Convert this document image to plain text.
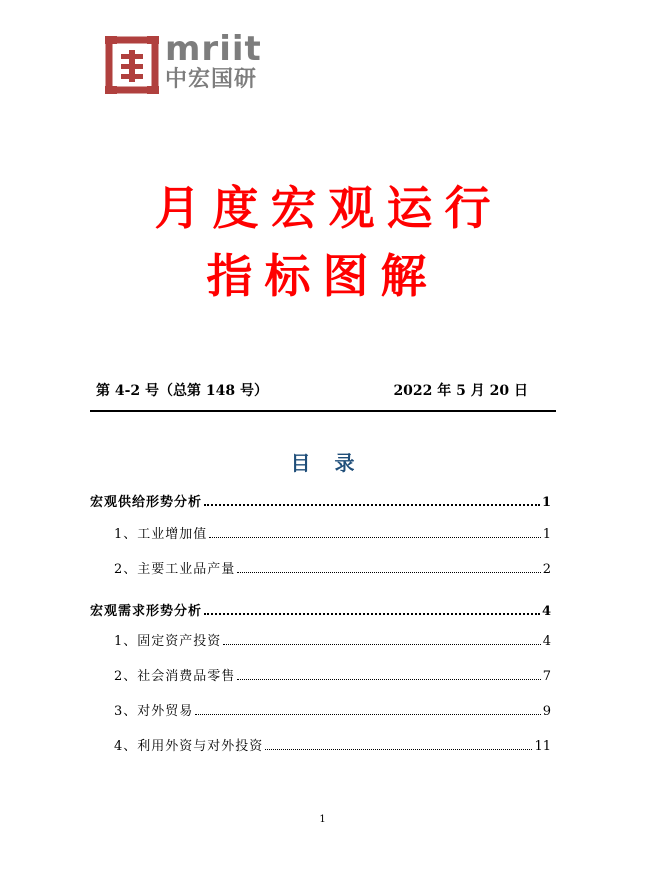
mriit
中宏国研
月度宏观运行
指标图解
第 4-2 号（总第 148 号）	2022 年 5 月 20 日
目录
宏观供给形势分析	1
1、工业增加值	1
2、主要工业品产量	2
宏观需求形势分析	4
1、固定资产投资	4
2、社会消费品零售	7
3、对外贸易	9
4、利用外资与对外投资	11
1
